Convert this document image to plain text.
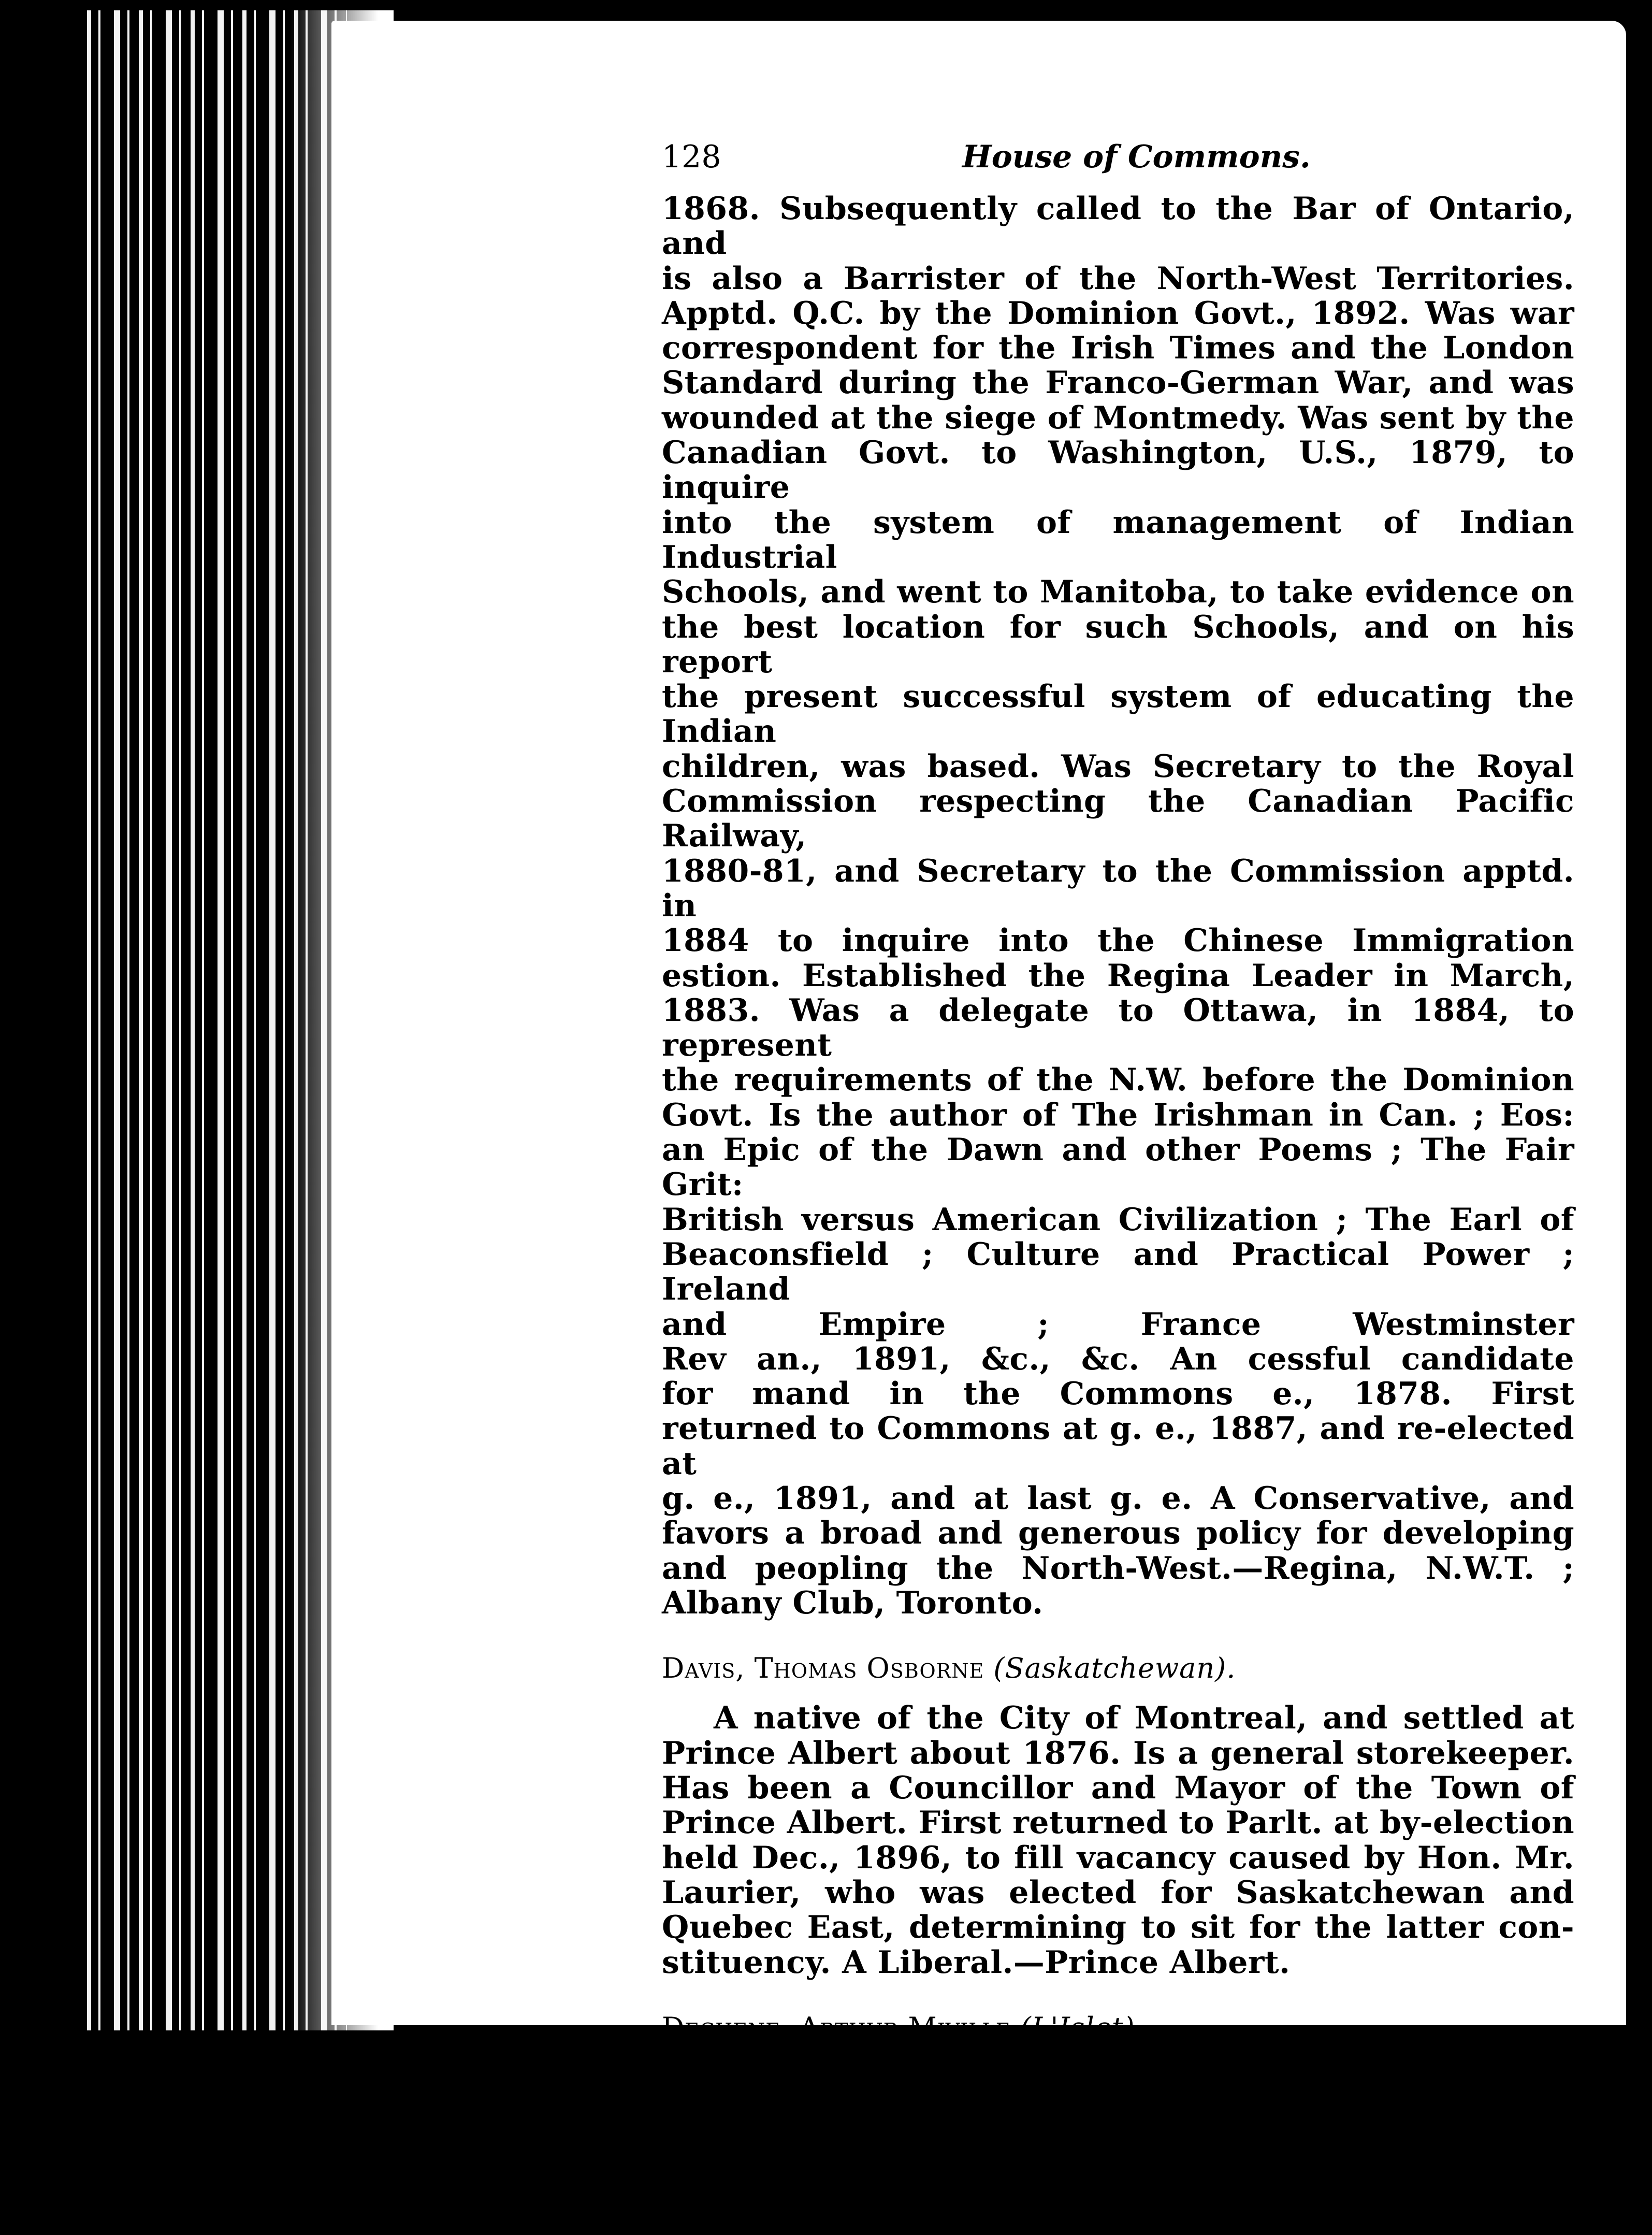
128	House of Commons.

1868. Subsequently called to the Bar of Ontario, and

is also a Barrister of the North-West Territories.

Apptd. Q.C. by the Dominion Govt., 1892. Was war

correspondent for the Irish Times and the London

Standard during the Franco-German War, and was

wounded at the siege of Montmedy. Was sent by the

Canadian Govt. to Washington, U.S., 1879, to inquire

into the system of management of Indian Industrial

Schools, and went to Manitoba, to take evidence on

the best location for such Schools, and on his report

the present successful system of educating the Indian

children, was based. Was Secretary to the Royal

Commission respecting the Canadian Pacific Railway,

1880-81, and Secretary to the Commission apptd. in

1884 to inquire into the Chinese Immigration

estion. Established the Regina Leader in March,

1883. Was a delegate to Ottawa, in 1884, to represent

the requirements of the N.W. before the Dominion

Govt. Is the author of The Irishman in Can. ; Eos:

an Epic of the Dawn and other Poems ; The Fair Grit:

British versus American Civilization ; The Earl of

Beaconsfield ; Culture and Practical Power ; Ireland

and Empire ; France Westminster

Rev an., 1891, &c., &c. An cessful candidate

for mand in the Commons e., 1878. First

returned to Commons at g. e., 1887, and re-elected at

g. e., 1891, and at last g. e. A Conservative, and

favors a broad and generous policy for developing

and peopling the North-West.—Regina, N.W.T. ;

Albany Club, Toronto.

Davis, Thomas Osborne (Saskatchewan).

A native of the City of Montreal, and settled at

Prince Albert about 1876. Is a general storekeeper.

Has been a Councillor and Mayor of the Town of

Prince Albert. First returned to Parlt. at by-election

held Dec., 1896, to fill vacancy caused by Hon. Mr.

Laurier, who was elected for Saskatchewan and

Quebec East, determining to sit for the latter con-

stituency. A Liberal.—Prince Albert.

Dechene, Arthur Miville (L'Islet).

Brother to Gilbert Miville Dechene, M.P.P. for

L'Islet in Leg. Assem., Prov. of Quebec. B., 1848.

Ed. in Ste. Anne's Coll. M., 1891, Aurore Ouillet. Is

a lumber merchant. First returned to Parlt. at g. e.,

1896. A Liberal.—Village des Aulnaies, P.Q.
